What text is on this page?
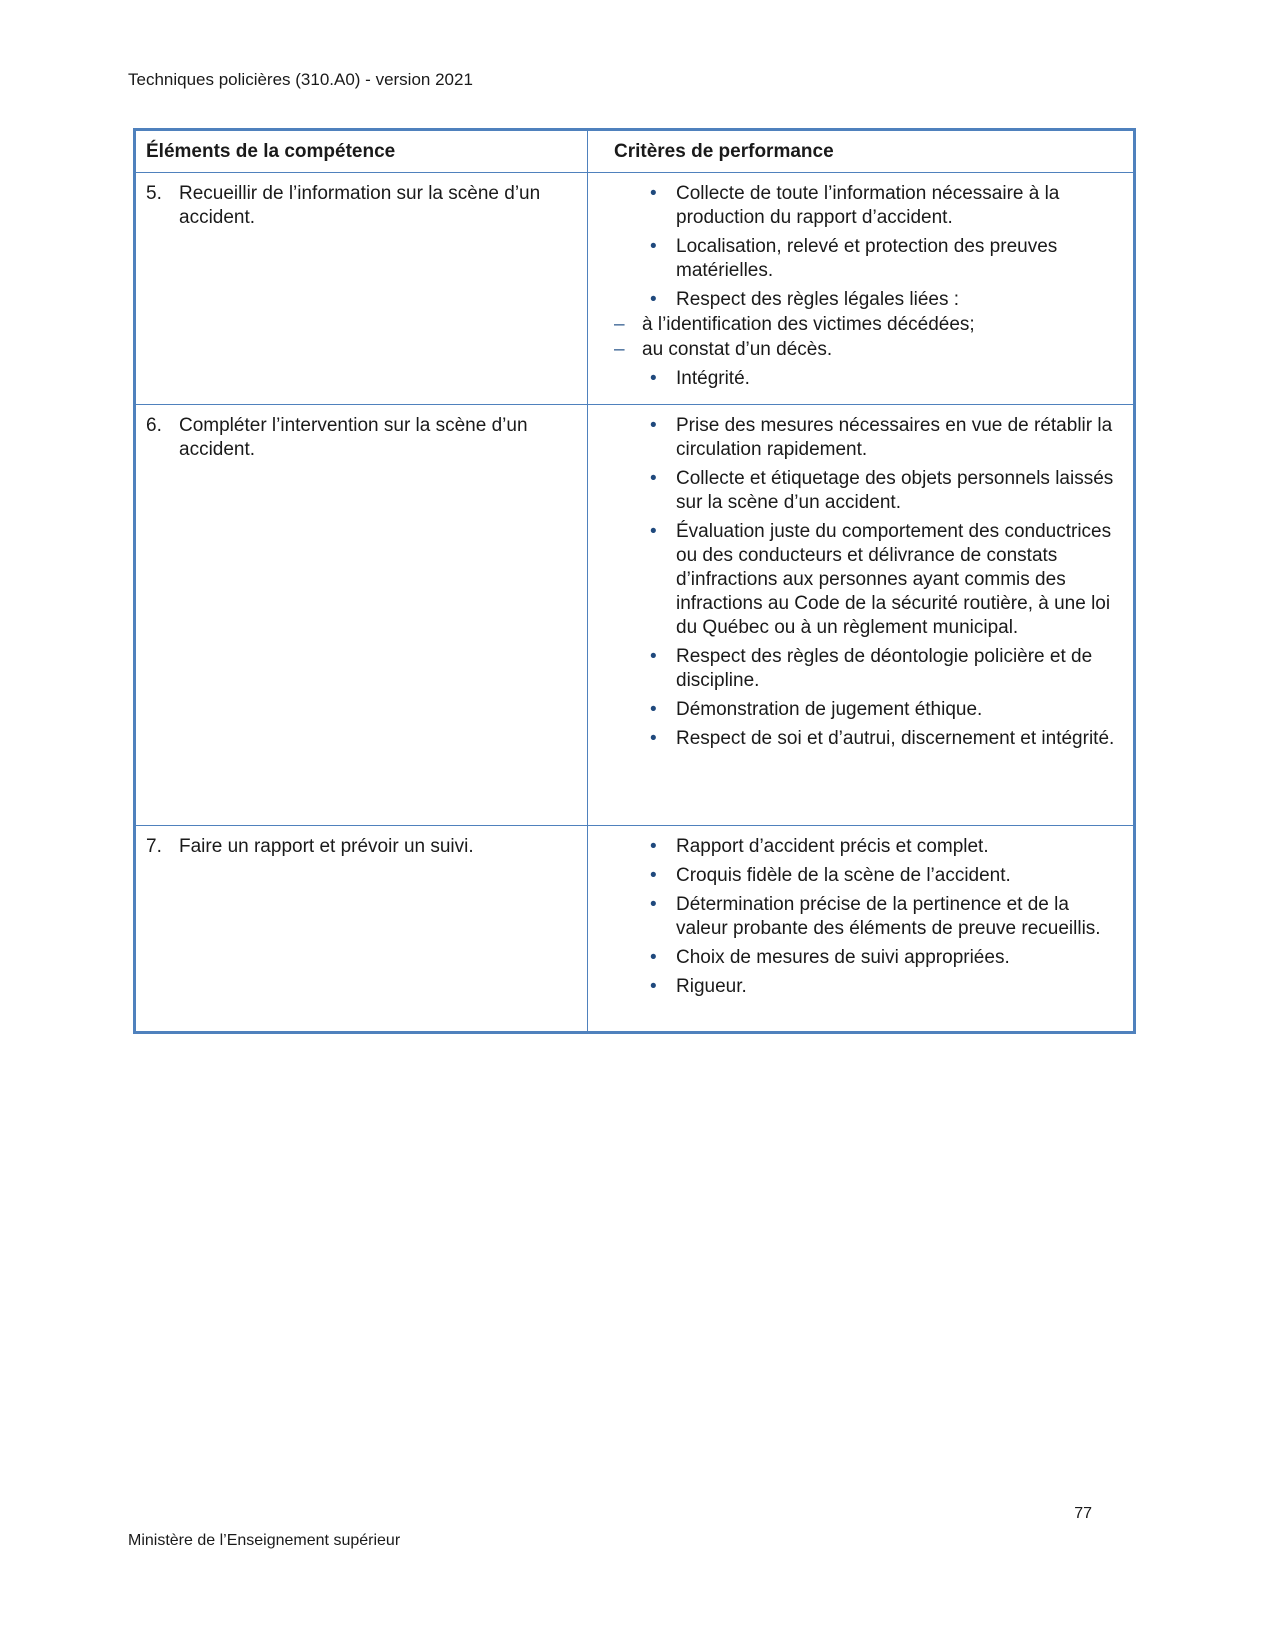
Techniques policières (310.A0) - version 2021
Éléments de la compétence	Critères de performance
5. Recueillir de l’information sur la scène d’un accident.
•
Collecte de toute l’information nécessaire à la production du rapport d’accident.
•
Localisation, relevé et protection des preuves matérielles.
•
Respect des règles légales liées :
–
à l’identification des victimes décédées;
–
au constat d’un décès.
•
Intégrité.
6. Compléter l’intervention sur la scène d’un accident.
•
Prise des mesures nécessaires en vue de rétablir la circulation rapidement.
•
Collecte et étiquetage des objets personnels laissés sur la scène d’un accident.
•
Évaluation juste du comportement des conductrices ou des conducteurs et délivrance de constats d’infractions aux personnes ayant commis des infractions au Code de la sécurité routière, à une loi du Québec ou à un règlement municipal.
•
Respect des règles de déontologie policière et de discipline.
•
Démonstration de jugement éthique.
•
Respect de soi et d’autrui, discernement et intégrité.
7. Faire un rapport et prévoir un suivi. •	Rapport d’accident précis et complet.
•
Croquis fidèle de la scène de l’accident.
•
Détermination précise de la pertinence et de la valeur probante des éléments de preuve recueillis.
•
Choix de mesures de suivi appropriées.
•
Rigueur.
77
Ministère de l’Enseignement supérieur
